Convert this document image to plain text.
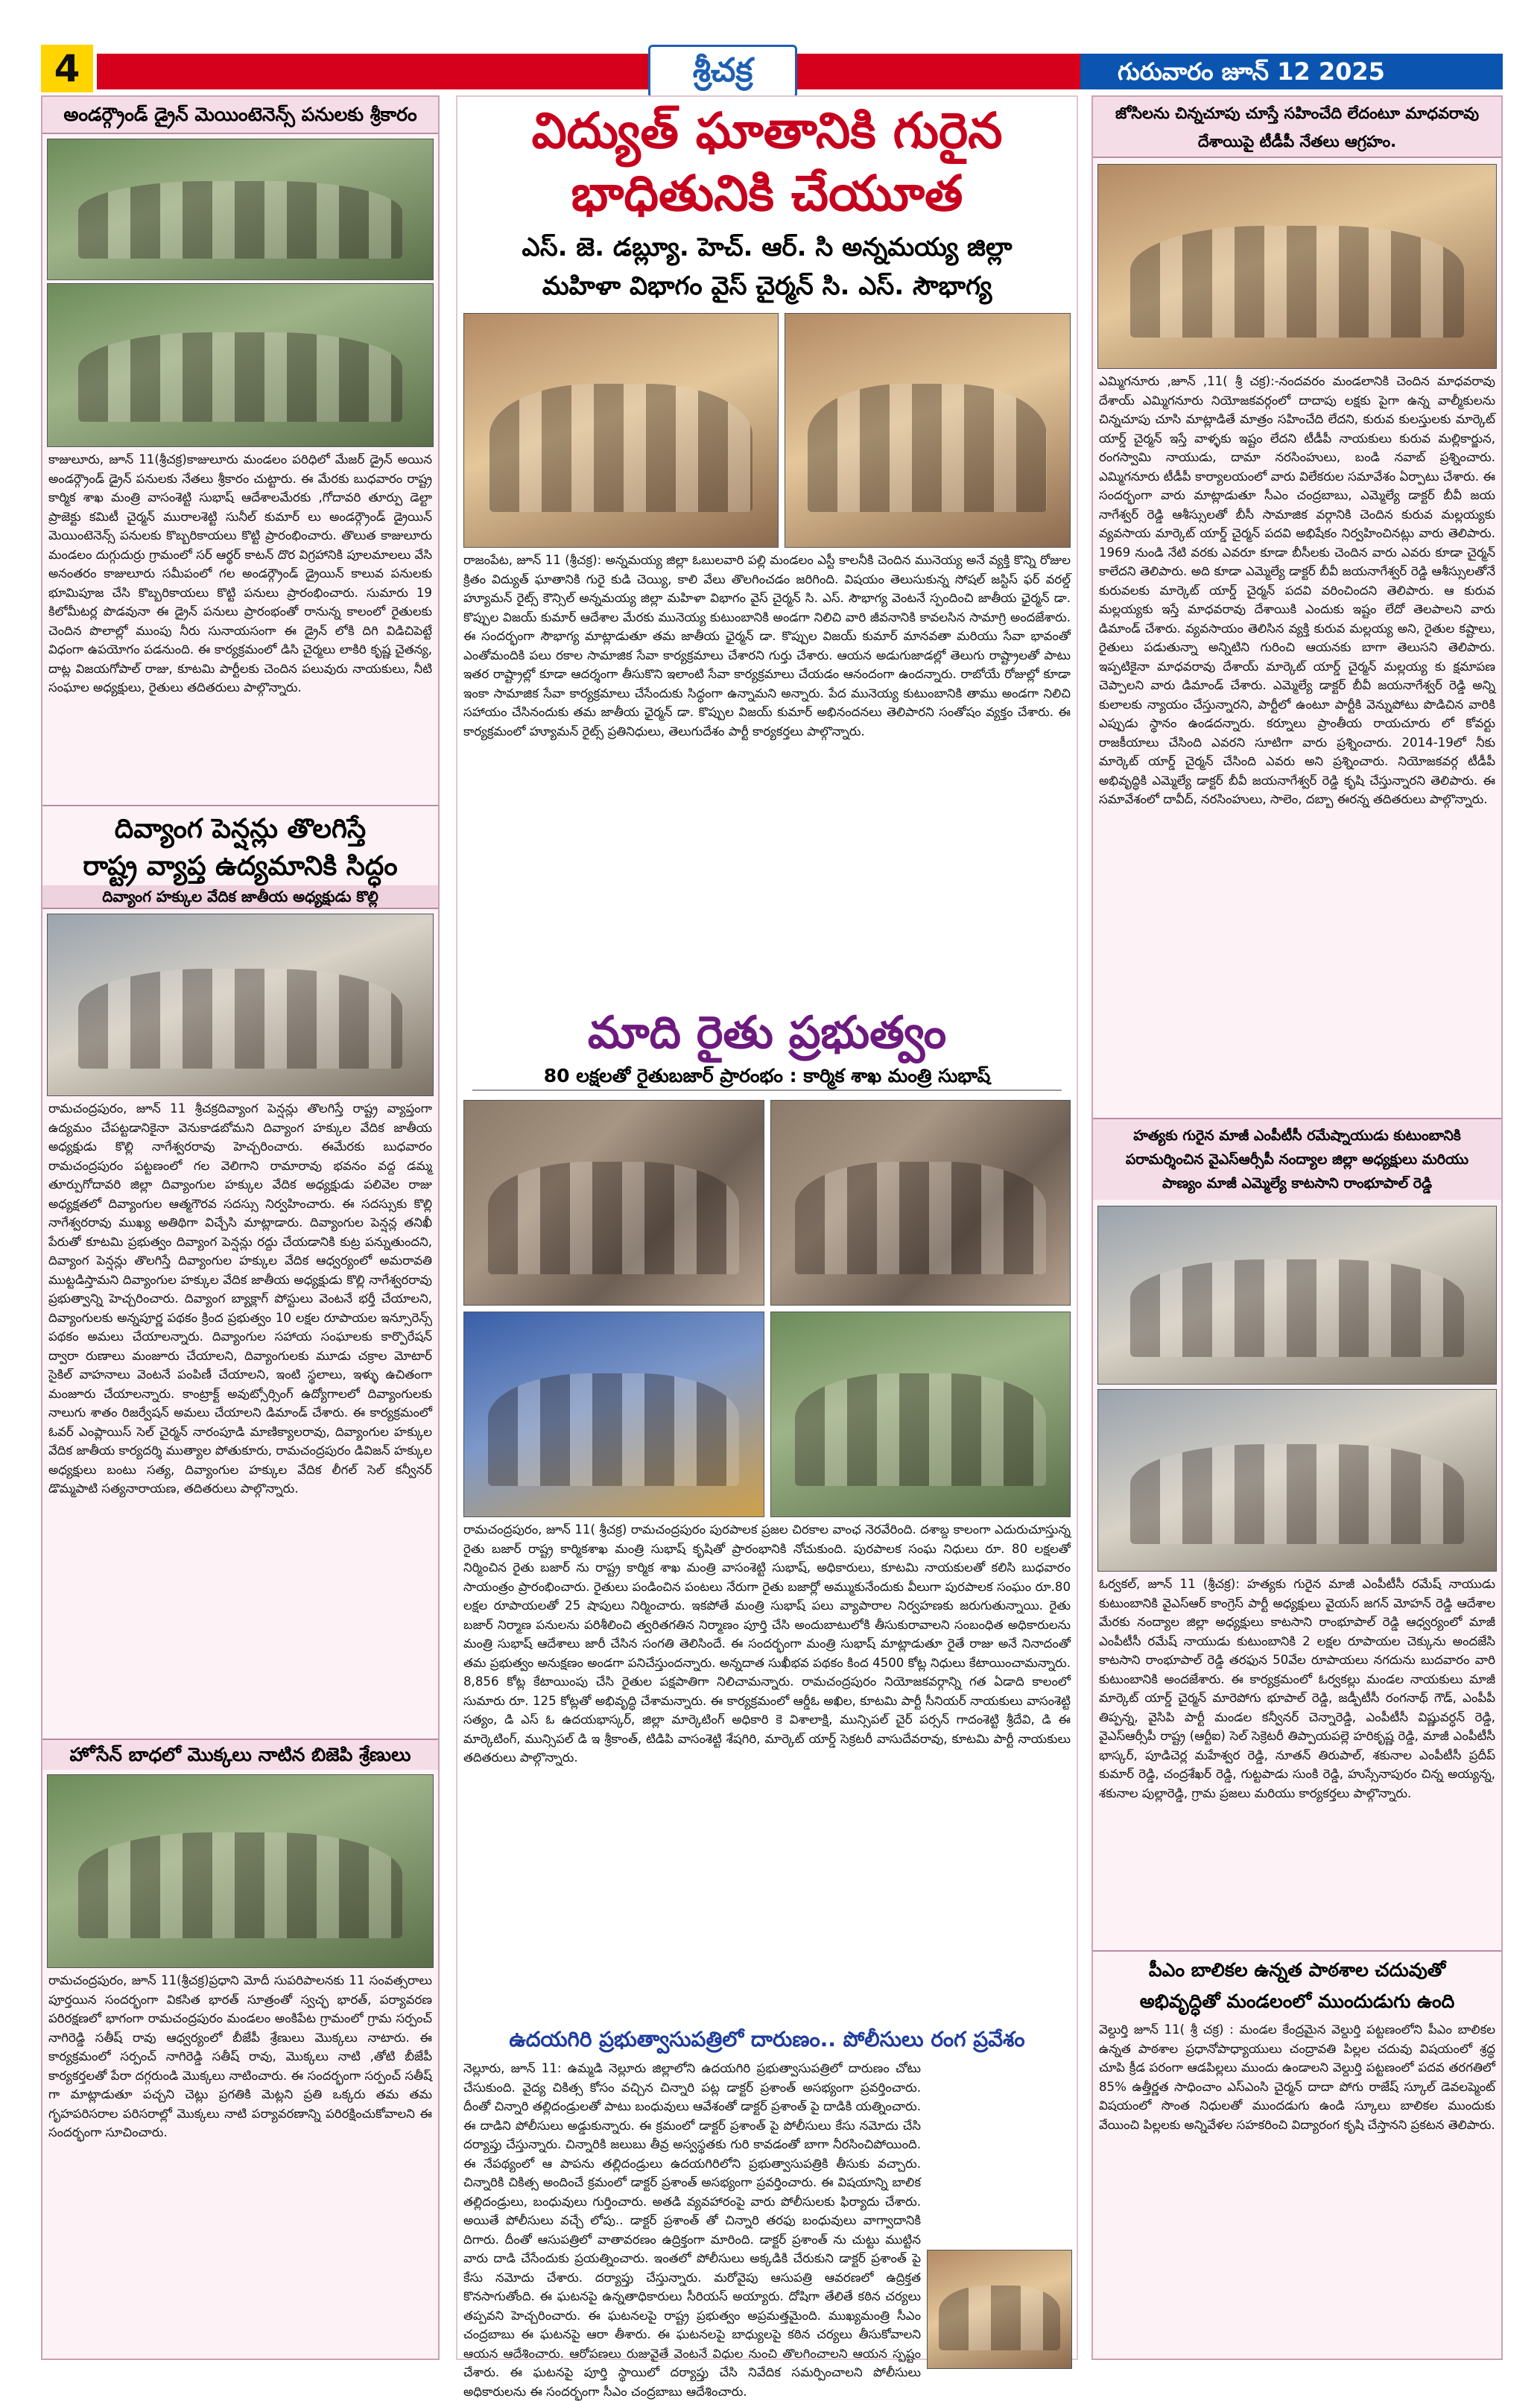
4	శ్రీచక్ర	గురువారం జూన్ 12 2025
అండర్గ్రౌండ్ డ్రైన్ మెయింటెనెన్స్ పనులకు శ్రీకారం
కాజులూరు, జూన్ 11(శ్రీచక్ర)కాజులూరు మండలం పరిధిలో మేజర్ డ్రైన్ అయిన అండర్గ్రౌండ్ డ్రైన్ పనులకు నేతలు శ్రీకారం చుట్టారు. ఈ మేరకు బుధవారం రాష్ట్ర కార్మిక శాఖ మంత్రి వాసంశెట్టి సుభాష్ ఆదేశాలమేరకు ,గోదావరి తూర్పు డెల్టా ప్రాజెక్టు కమిటీ చైర్మన్ మురాలశెట్టి సునీల్ కుమార్ లు అండర్గ్రౌండ్ డ్రైయిన్ మెయింటెనెన్స్ పనులకు కొబ్బరికాయలు కొట్టి ప్రారంభించారు. తొలుత కాజులూరు మండలం దుగ్గుదుర్రు గ్రామంలో సర్ ఆర్థర్ కాటన్ దొర విగ్రహానికి పూలమాలలు వేసి అనంతరం కాజులూరు సమీపంలో గల అండర్గ్రౌండ్ డ్రైయిన్ కాలువ పనులకు భూమిపూజ చేసి కొబ్బరికాయలు కొట్టి పనులు ప్రారంభించారు. సుమారు 19 కిలోమీటర్ల పొడవునా ఈ డ్రైన్ పనులు ప్రారంభంతో రానున్న కాలంలో రైతులకు చెందిన పొలాల్లో ముంపు నీరు సునాయసంగా ఈ డ్రైన్ లోకి దిగి విడిచిపెట్టే విధంగా ఉపయోగం పడనుంది. ఈ కార్యక్రమంలో డిసి చైర్మలు లాకిరి కృష్ణ చైతన్య, దాట్ల విజయగోపాల్ రాజు, కూటమి పార్టీలకు చెందిన పలువురు నాయకులు, నీటి సంఘాల అధ్యక్షులు, రైతులు తదితరులు పాల్గొన్నారు.
దివ్యాంగ పెన్షన్లు తొలగిస్తే
రాష్ట్ర వ్యాప్త ఉద్యమానికి సిద్ధం
దివ్యాంగ హక్కుల వేదిక జాతీయ అధ్యక్షుడు కొల్లి
రామచంద్రపురం, జూన్ 11 శ్రీచక్రదివ్యాంగ పెన్షన్లు తొలగిస్తే రాష్ట్ర వ్యాప్తంగా ఉద్యమం చేపట్టడానికైనా వెనుకాడబోమని దివ్యాంగ హక్కుల వేదిక జాతీయ అధ్యక్షుడు కొల్లి నాగేశ్వరరావు హెచ్చరించారు. ఈమేరకు బుధవారం రామచంద్రపురం పట్టణంలో గల వెలిగాని రామారావు భవనం వద్ద డమ్మ తూర్పుగోదావరి జిల్లా దివ్యాంగుల హక్కుల వేదిక అధ్యక్షుడు పలివెల రాజు అధ్యక్షతలో దివ్యాంగుల ఆత్మగౌరవ సదస్సు నిర్వహించారు. ఈ సదస్సుకు కొల్లి నాగేశ్వరరావు ముఖ్య అతిథిగా విచ్చేసి మాట్లాడారు. దివ్యాంగుల పెన్షన్ల తనిఖీ పేరుతో కూటమి ప్రభుత్వం దివ్యాంగ పెన్షన్లు రద్దు చేయడానికి కుట్ర పన్నుతుందని, దివ్యాంగ పెన్షన్లు తొలగిస్తే దివ్యాంగుల హక్కుల వేదిక ఆధ్వర్యంలో అమరావతి ముట్టడిస్తామని దివ్యాంగుల హక్కుల వేదిక జాతీయ అధ్యక్షుడు కొల్లి నాగేశ్వరరావు ప్రభుత్వాన్ని హెచ్చరించారు. దివ్యాంగ బ్యాక్లాగ్ పోస్టులు వెంటనే భర్తీ చేయాలని, దివ్యాంగులకు అన్నపూర్ణ పథకం క్రింద ప్రభుత్వం 10 లక్షల రూపాయల ఇన్సూరెన్స్ పథకం అమలు చేయాలన్నారు. దివ్యాంగుల సహాయ సంఘాలకు కార్పొరేషన్ ద్వారా రుణాలు మంజూరు చేయాలని, దివ్యాంగులకు మూడు చక్రాల మోటార్ సైకిల్ వాహనాలు వెంటనే పంపిణీ చేయాలని, ఇంటి స్థలాలు, ఇళ్ళు ఉచితంగా మంజూరు చేయాలన్నారు. కాంట్రాక్ట్ అవుట్సోర్సింగ్ ఉద్యోగాలలో దివ్యాంగులకు నాలుగు శాతం రిజర్వేషన్ అమలు చేయాలని డిమాండ్ చేశారు. ఈ కార్యక్రమంలో ఓవర్ ఎంప్లాయిస్ సెల్ చైర్మన్ నారంపూడి మాణిక్యాలరావు, దివ్యాంగుల హక్కుల వేదిక జాతీయ కార్యదర్శి ముత్యాల పోతుకూరు, రామచంద్రపురం డివిజన్ హక్కుల అధ్యక్షులు బంటు సత్య, దివ్యాంగుల హక్కుల వేదిక లీగల్ సెల్ కన్వీనర్ డొమ్మపాటి సత్యనారాయణ, తదితరులు పాల్గొన్నారు.
హోసేన్ బాధలో మొక్కలు నాటిన బిజెపి శ్రేణులు
రామచంద్రపురం, జూన్ 11(శ్రీచక్ర)ప్రధాని మోదీ సుపరిపాలనకు 11 సంవత్సరాలు పూర్తయిన సందర్భంగా వికసిత భారత్ సూత్రంతో స్వచ్ఛ భారత్, పర్యావరణ పరిరక్షణలో భాగంగా రామచంద్రపురం మండలం అంకిపేట గ్రామంలో గ్రామ సర్పంచ్ నాగిరెడ్డి సతీష్ రావు ఆధ్వర్యంలో బీజేపీ శ్రేణులు మొక్కలు నాటారు. ఈ కార్యక్రమంలో సర్పంచ్ నాగిరెడ్డి సతీష్ రావు, మొక్కలు నాటి ,తోటి బీజేపీ కార్యకర్తలతో పేరా దగ్గరుండి మొక్కలు నాటించారు. ఈ సందర్భంగా సర్పంచ్ సతీష్ గా మాట్లాడుతూ పచ్చని చెట్లు ప్రగతికి మెట్లని ప్రతి ఒక్కరు తమ తమ గృహపరిసరాల పరిసరాల్లో మొక్కలు నాటి పర్యావరణాన్ని పరిరక్షించుకోవాలని ఈ సందర్భంగా సూచించారు.
విద్యుత్ ఘాతానికి గురైన
భాధితునికి చేయూత
ఎస్. జె. డబ్ల్యూ. హెచ్. ఆర్. సి అన్నమయ్య జిల్లా
మహిళా విభాగం వైస్ చైర్మన్ సి. ఎస్. సౌభాగ్య
రాజంపేట, జూన్ 11 (శ్రీచక్ర): అన్నమయ్య జిల్లా ఓబులవారి పల్లి మండలం ఎస్టీ కాలనీకి చెందిన మునెయ్య అనే వ్యక్తి కొన్ని రోజుల క్రితం విద్యుత్ ఘాతానికి గురై కుడి చెయ్యి, కాలి వేలు తొలగించడం జరిగింది. విషయం తెలుసుకున్న సోషల్ జస్టిస్ ఫర్ వరల్డ్ హ్యూమన్ రైట్స్ కౌన్సిల్ అన్నమయ్య జిల్లా మహిళా విభాగం వైస్ చైర్మన్ సి. ఎస్. సౌభాగ్య వెంటనే స్పందించి జాతీయ ఛైర్మన్ డా. కొప్పుల విజయ్ కుమార్ ఆదేశాల మేరకు మునెయ్య కుటుంబానికి అండగా నిలిచి వారి జీవనానికి కావలసిన సామాగ్రి అందజేశారు. ఈ సందర్భంగా సౌభాగ్య మాట్లాడుతూ తమ జాతీయ ఛైర్మన్ డా. కొప్పుల విజయ్ కుమార్ మానవతా మరియు సేవా భావంతో ఎంతోమందికి పలు రకాల సామాజిక సేవా కార్యక్రమాలు చేశారని గుర్తు చేశారు. ఆయన అడుగుజాడల్లో తెలుగు రాష్ట్రాలతో పాటు ఇతర రాష్ట్రాల్లో కూడా ఆదర్శంగా తీసుకొని ఇలాంటి సేవా కార్యక్రమాలు చేయడం ఆనందంగా ఉందన్నారు. రాబోయే రోజుల్లో కూడా ఇంకా సామాజిక సేవా కార్యక్రమాలు చేసేందుకు సిద్ధంగా ఉన్నామని అన్నారు. పేద మునెయ్య కుటుంబానికి తాము అండగా నిలిచి సహాయం చేసినందుకు తమ జాతీయ ఛైర్మన్ డా. కొప్పుల విజయ్ కుమార్ అభినందనలు తెలిపారని సంతోషం వ్యక్తం చేశారు. ఈ కార్యక్రమంలో హ్యూమన్ రైట్స్ ప్రతినిధులు, తెలుగుదేశం పార్టీ కార్యకర్తలు పాల్గొన్నారు.
మాది రైతు ప్రభుత్వం
80 లక్షలతో రైతుబజార్ ప్రారంభం : కార్మిక శాఖ మంత్రి సుభాష్
రామచంద్రపురం, జూన్ 11( శ్రీచక్ర) రామచంద్రపురం పురపాలక ప్రజల చిరకాల వాంఛ నెరవేరింది. దశాబ్ద కాలంగా ఎదురుచూస్తున్న రైతు బజార్ రాష్ట్ర కార్మికశాఖ మంత్రి సుభాష్ కృషితో ప్రారంభానికి నోచుకుంది. పురపాలక సంఘ నిధులు రూ. 80 లక్షలతో నిర్మించిన రైతు బజార్ ను రాష్ట్ర కార్మిక శాఖ మంత్రి వాసంశెట్టి సుభాష్, అధికారులు, కూటమి నాయకులతో కలిసి బుధవారం సాయంత్రం ప్రారంభించారు. రైతులు పండించిన పంటలు నేరుగా రైతు బజార్లో అమ్ముకునేందుకు వీలుగా పురపాలక సంఘం రూ.80 లక్షల రూపాయలతో 25 షాపులు నిర్మించారు. ఇకపోతే మంత్రి సుభాష్ పలు వ్యాపారాల నిర్వహణకు జరుగుతున్నాయి. రైతు బజార్ నిర్మాణ పనులను పరిశీలించి త్వరితగతిన నిర్మాణం పూర్తి చేసి అందుబాటులోకి తీసుకురావాలని సంబంధిత అధికారులను మంత్రి సుభాష్ ఆదేశాలు జారీ చేసిన సంగతి తెలిసిందే. ఈ సందర్భంగా మంత్రి సుభాష్ మాట్లాడుతూ రైతే రాజు అనే నినాదంతో తమ ప్రభుత్వం అనుక్షణం అండగా పనిచేస్తుందన్నారు. అన్నదాత సుఖీభవ పథకం కింద 4500 కోట్ల నిధులు కేటాయించామన్నారు. 8,856 కోట్ల కేటాయింపు చేసి రైతుల పక్షపాతిగా నిలిచామన్నారు. రామచంద్రపురం నియోజకవర్గాన్ని గత ఏడాది కాలంలో సుమారు రూ. 125 కోట్లతో అభివృద్ధి చేశామన్నారు. ఈ కార్యక్రమంలో ఆర్డీఓ అఖిల, కూటమి పార్టీ సీనియర్ నాయకులు వాసంశెట్టి సత్యం, డి ఎస్ ఓ ఉదయభాస్కర్, జిల్లా మార్కెటింగ్ అధికారి కె విశాలాక్షి, మున్సిపల్ చైర్ పర్సన్ గాదంశెట్టి శ్రీదేవి, డి ఈ మార్కెటింగ్, మున్సిపల్ డి ఇ శ్రీకాంత్, టిడిపి వాసంశెట్టి శేషగిరి, మార్కెట్ యార్డ్ సెక్రటరీ వాసుదేవరావు, కూటమి పార్టీ నాయకులు తదితరులు పాల్గొన్నారు.
ఉదయగిరి ప్రభుత్వాసుపత్రిలో దారుణం.. పోలీసులు రంగ ప్రవేశం
నెల్లూరు, జూన్ 11: ఉమ్మడి నెల్లూరు జిల్లాలోని ఉదయగిరి ప్రభుత్వాసుపత్రిలో దారుణం చోటు చేసుకుంది. వైద్య చికిత్స కోసం వచ్చిన చిన్నారి పట్ల డాక్టర్ ప్రశాంత్ అసభ్యంగా ప్రవర్తించారు. దీంతో చిన్నారి తల్లిదండ్రులతో పాటు బంధువులు ఆవేశంతో డాక్టర్ ప్రశాంత్ పై దాడికి యత్నించారు. ఈ దాడిని పోలీసులు అడ్డుకున్నారు. ఈ క్రమంలో డాక్టర్ ప్రశాంత్ పై పోలీసులు కేసు నమోదు చేసి దర్యాప్తు చేస్తున్నారు. చిన్నారికి జలుబు తీవ్ర అస్వస్థతకు గురి కావడంతో బాగా నీరసించిపోయింది. ఈ నేపథ్యంలో ఆ పాపను తల్లిదండ్రులు ఉదయగిరిలోని ప్రభుత్వాసుపత్రికి తీసుకు వచ్చారు. చిన్నారికి చికిత్స అందించే క్రమంలో డాక్టర్ ప్రశాంత్ అసభ్యంగా ప్రవర్తించారు. ఈ విషయాన్ని బాలిక తల్లిదండ్రులు, బంధువులు గుర్తించారు. అతడి వ్యవహారంపై వారు పోలీసులకు ఫిర్యాదు చేశారు. అయితే పోలీసులు వచ్చే లోపు.. డాక్టర్ ప్రశాంత్ తో చిన్నారి తరఫు బంధువులు వాగ్వాదానికి దిగారు. దీంతో ఆసుపత్రిలో వాతావరణం ఉద్రిక్తంగా మారింది. డాక్టర్ ప్రశాంత్ ను చుట్టు ముట్టిన వారు దాడి చేసేందుకు ప్రయత్నించారు. ఇంతలో పోలీసులు అక్కడికి చేరుకుని డాక్టర్ ప్రశాంత్ పై కేసు నమోదు చేశారు. దర్యాప్తు చేస్తున్నారు. మరోవైపు ఆసుపత్రి ఆవరణలో ఉద్రిక్తత కొనసాగుతోంది. ఈ ఘటనపై ఉన్నతాధికారులు సీరియస్ అయ్యారు. దోషిగా తేలితే కఠిన చర్యలు తప్పవని హెచ్చరించారు. ఈ ఘటనలపై రాష్ట్ర ప్రభుత్వం అప్రమత్తమైంది. ముఖ్యమంత్రి సీఎం చంద్రబాబు ఈ ఘటనపై ఆరా తీశారు. ఈ ఘటనలపై బాధ్యులపై కఠిన చర్యలు తీసుకోవాలని ఆయన ఆదేశించారు. ఆరోపణలు రుజువైతే వెంటనే విధుల నుంచి తొలగించాలని ఆయన స్పష్టం చేశారు. ఈ ఘటనపై పూర్తి స్థాయిలో దర్యాప్తు చేసి నివేదిక సమర్పించాలని పోలీసులు అధికారులను ఈ సందర్భంగా సీఎం చంద్రబాబు ఆదేశించారు.
జోసిలను చిన్నచూపు చూస్తే సహించేది లేదంటూ మాధవరావు దేశాయిపై టీడీపీ నేతలు ఆగ్రహం.
ఎమ్మిగనూరు ,జూన్ ,11( శ్రీ చక్ర):-నందవరం మండలానికి చెందిన మాధవరావు దేశాయ్ ఎమ్మిగనూరు నియోజకవర్గంలో దాదాపు లక్షకు పైగా ఉన్న వాల్మీకులను చిన్నచూపు చూసి మాట్లాడితే మాత్రం సహించేది లేదని, కురువ కులస్తులకు మార్కెట్ యార్డ్ చైర్మన్ ఇస్తే వాళ్ళకు ఇష్టం లేదని టీడీపీ నాయకులు కురువ మల్లికార్జున, రంగస్వామి నాయుడు, దామా నరసింహులు, బండి నవాబ్ ప్రశ్నించారు. ఎమ్మిగనూరు టీడీపీ కార్యాలయంలో వారు విలేకరుల సమావేశం ఏర్పాటు చేశారు. ఈ సందర్భంగా వారు మాట్లాడుతూ సీఎం చంద్రబాబు, ఎమ్మెల్యే డాక్టర్ బీవీ జయ నాగేశ్వర్ రెడ్డి ఆశీస్సులతో బీసీ సామాజిక వర్గానికి చెందిన కురువ మల్లయ్యకు వ్యవసాయ మార్కెట్ యార్డ్ చైర్మన్ పదవి అభిషేకం నిర్వహించినట్లు వారు తెలిపారు. 1969 నుండి నేటి వరకు ఎవరూ కూడా బీసీలకు చెందిన వారు ఎవరు కూడా చైర్మన్ కాలేదని తెలిపారు. అది కూడా ఎమ్మెల్యే డాక్టర్ బీవీ జయనాగేశ్వర్ రెడ్డి ఆశీస్సులతోనే కురువలకు మార్కెట్ యార్డ్ చైర్మన్ పదవి వరించిందని తెలిపారు. ఆ కురువ మల్లయ్యకు ఇస్తే మాధవరావు దేశాయికి ఎందుకు ఇష్టం లేదో తెలపాలని వారు డిమాండ్ చేశారు. వ్యవసాయం తెలిసిన వ్యక్తి కురువ మల్లయ్య అని, రైతుల కష్టాలు, రైతులు పడుతున్నా అన్నిటిని గురించి ఆయనకు బాగా తెలుసని తెలిపారు. ఇప్పటికైనా మాధవరావు దేశాయ్ మార్కెట్ యార్డ్ చైర్మన్ మల్లయ్య కు క్షమాపణ చెప్పాలని వారు డిమాండ్ చేశారు. ఎమ్మెల్యే డాక్టర్ బీవీ జయనాగేశ్వర్ రెడ్డి అన్ని కులాలకు న్యాయం చేస్తున్నారని, పార్టీలో ఉంటూ పార్టీకి వెన్నుపోటు పొడిచిన వారికి ఎప్పుడు స్థానం ఉండదన్నారు. కర్నూలు ప్రాంతీయ రాయచూరు లో కోవర్టు రాజకీయాలు చేసింది ఎవరని సూటిగా వారు ప్రశ్నించారు. 2014-19లో నీకు మార్కెట్ యార్డ్ చైర్మన్ చేసింది ఎవరు అని ప్రశ్నించారు. నియోజకవర్గ టీడీపీ అభివృద్ధికి ఎమ్మెల్యే డాక్టర్ బీవీ జయనాగేశ్వర్ రెడ్డి కృషి చేస్తున్నారని తెలిపారు. ఈ సమావేశంలో దావీద్, నరసింహులు, సాలెం, దబ్బా ఈరన్న తదితరులు పాల్గొన్నారు.
హత్యకు గురైన మాజీ ఎంపీటీసీ రమేష్నాయుడు కుటుంబానికి
పరామర్శించిన వైఎస్ఆర్సీపీ నంద్యాల జిల్లా అధ్యక్షులు మరియు
పాణ్యం మాజీ ఎమ్మెల్యే కాటసాని రాంభూపాల్ రెడ్డి
ఓర్వకల్, జూన్ 11 (శ్రీచక్ర): హత్యకు గురైన మాజీ ఎంపీటీసీ రమేష్ నాయుడు కుటుంబానికి వైఎస్ఆర్ కాంగ్రెస్ పార్టీ అధ్యక్షులు వైయస్ జగన్ మోహన్ రెడ్డి ఆదేశాల మేరకు నంద్యాల జిల్లా అధ్యక్షులు కాటసాని రాంభూపాల్ రెడ్డి ఆధ్వర్యంలో మాజీ ఎంపీటీసీ రమేష్ నాయుడు కుటుంబానికి 2 లక్షల రూపాయల చెక్కును అందజేసి కాటసాని రాంభూపాల్ రెడ్డి తరఫున 50వేల రూపాయలు నగదును బుదవారం వారి కుటుంబానికి అందజేశారు. ఈ కార్యక్రమంలో ఓర్వకల్లు మండల నాయకులు మాజీ మార్కెట్ యార్డ్ చైర్మన్ మారెపోగు భూపాల్ రెడ్డి, జడ్పీటీసీ రంగనాథ్ గౌడ్, ఎంపీపీ తిప్పన్న, వైసిపి పార్టీ మండల కన్వీనర్ చెన్నారెడ్డి, ఎంపీటీసీ విష్ణువర్ధన్ రెడ్డి, వైఎస్ఆర్సీపీ రాష్ట్ర (ఆర్టీఐ) సెల్ సెక్రెటరీ తిప్పాయపల్లె హరికృష్ణ రెడ్డి, మాజీ ఎంపీటీసీ భాస్కర్, పూడిచెర్ల మహేశ్వర రెడ్డి, నూతన్ తిరుపాల్, శకునాల ఎంపీటీసీ ప్రదీప్ కుమార్ రెడ్డి, చంద్రశేఖర్ రెడ్డి, గుట్టపాడు సుంకి రెడ్డి, హుస్సేనాపురం చిన్న అయ్యన్న, శకునాల పుల్లారెడ్డి, గ్రామ ప్రజలు మరియు కార్యకర్తలు పాల్గొన్నారు.
పీఎం బాలికల ఉన్నత పాఠశాల చదువుతో
అభివృద్ధితో మండలంలో ముందుడుగు ఉంది
వెల్దుర్తి జూన్ 11( శ్రీ చక్ర) : మండల కేంద్రమైన వెల్దుర్తి పట్టణంలోని పీఎం బాలికల ఉన్నత పాఠశాల ప్రధానోపాధ్యాయులు చంద్రావతి పిల్లల చదువు విషయంలో శ్రద్ధ చూపి క్రీడ పరంగా ఆడపిల్లలు ముందు ఉండాలని వెల్దుర్తి పట్టణంలో పదవ తరగతిలో 85% ఉత్తీర్ణత సాధించాం ఎస్ఎంసి చైర్మన్ దాదా పోగు రాజేష్ స్కూల్ డెవలప్మెంట్ విషయంలో సొంత నిధులతో ముందడుగు ఉండి స్కూలు బాలికల ముందుకు వేయించి పిల్లలకు అన్నివేళల సహకరించి విద్యారంగ కృషి చేస్తానని ప్రకటన తెలిపారు.
